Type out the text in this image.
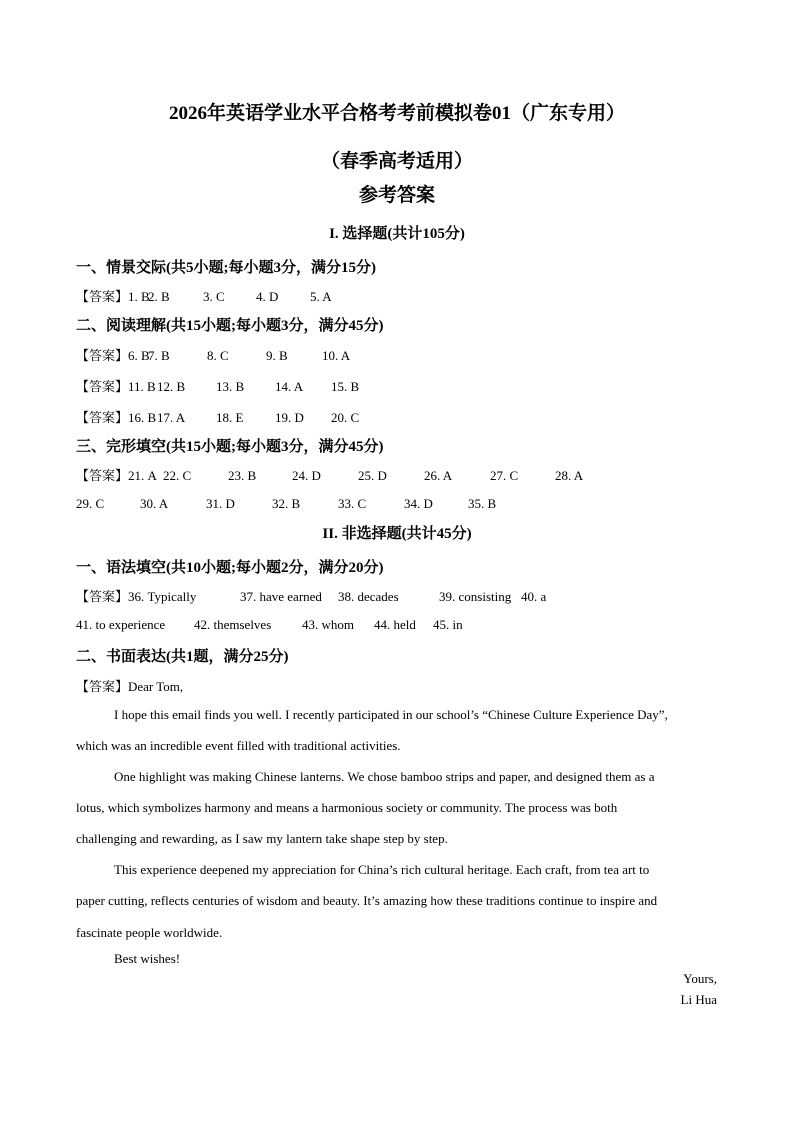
2026年英语学业水平合格考考前模拟卷01（广东专用）
（春季高考适用）
参考答案
I. 选择题(共计105分)
一、情景交际(共5小题;每小题3分，满分15分)
【答案】1. B2. B	3. C 4. D 5. A
二、阅读理解(共15小题;每小题3分，满分45分)
【答案】6. B7. B	8. C	9. B	10. A
【答案】11. B12. B 13. B 14. A 15. B
【答案】16. B17. A 18. E 19. D 20. C
三、完形填空(共15小题;每小题3分，满分45分)
【答案】21. A 22. C	23. B	24. D	25. D	26. A	27. C	28. A
29. C	30. A	31. D	32. B	33. C	34. D	35. B
II. 非选择题(共计45分)
一、语法填空(共10小题;每小题2分，满分20分)
【答案】36. Typically	37. have earned 38. decades	39. consisting 40. a
41. to experience 42. themselves 43. whom 44. held 45. in
二、书面表达(共1题，满分25分)
【答案】Dear Tom,
I hope this email finds you well. I recently participated in our school’s “Chinese Culture Experience Day”,
which was an incredible event filled with traditional activities.
One highlight was making Chinese lanterns. We chose bamboo strips and paper, and designed them as a
lotus, which symbolizes harmony and means a harmonious society or community. The process was both
challenging and rewarding, as I saw my lantern take shape step by step.
This experience deepened my appreciation for China’s rich cultural heritage. Each craft, from tea art to
paper cutting, reflects centuries of wisdom and beauty. It’s amazing how these traditions continue to inspire and
fascinate people worldwide.
Best wishes!
Yours,
Li Hua
